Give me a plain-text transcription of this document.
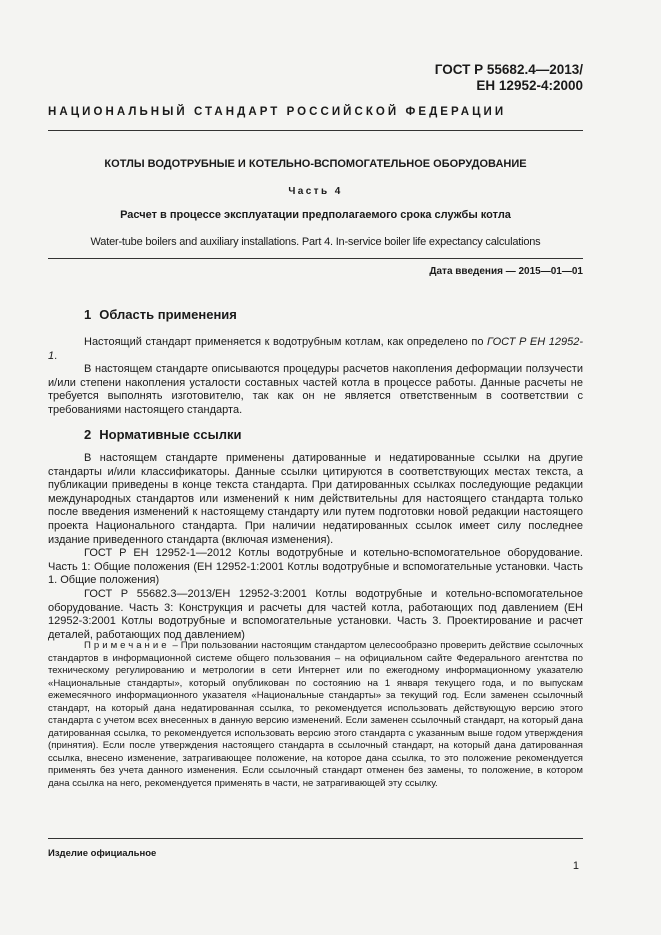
ГОСТ Р 55682.4—2013/
ЕН 12952-4:2000
НАЦИОНАЛЬНЫЙ СТАНДАРТ РОССИЙСКОЙ ФЕДЕРАЦИИ
КОТЛЫ ВОДОТРУБНЫЕ И КОТЕЛЬНО-ВСПОМОГАТЕЛЬНОЕ ОБОРУДОВАНИЕ
Часть 4
Расчет в процессе эксплуатации предполагаемого срока службы котла
Water-tube boilers and auxiliary installations. Part 4. In-service boiler life expectancy calculations
Дата введения — 2015—01—01
1 Область применения

Настоящий стандарт применяется к водотрубным котлам, как определено по ГОСТ Р ЕН 12952-1.

В настоящем стандарте описываются процедуры расчетов накопления деформации ползучести и/или степени накопления усталости составных частей котла в процессе работы. Данные расчеты не требуется выполнять изготовителю, так как он не является ответственным в соответствии с требованиями настоящего стандарта.

2 Нормативные ссылки

В настоящем стандарте применены датированные и недатированные ссылки на другие стандарты и/или классификаторы. Данные ссылки цитируются в соответствующих местах текста, а публикации приведены в конце текста стандарта. При датированных ссылках последующие редакции международных стандартов или изменений к ним действительны для настоящего стандарта только после введения изменений к настоящему стандарту или путем подготовки новой редакции настоящего проекта Национального стандарта. При наличии недатированных ссылок имеет силу последнее издание приведенного стандарта (включая изменения).

ГОСТ Р ЕН 12952-1—2012 Котлы водотрубные и котельно-вспомогательное оборудование. Часть 1: Общие положения (ЕН 12952-1:2001 Котлы водотрубные и вспомогательные установки. Часть 1. Общие положения)

ГОСТ Р 55682.3—2013/ЕН 12952-3:2001 Котлы водотрубные и котельно-вспомогательное оборудование. Часть 3: Конструкция и расчеты для частей котла, работающих под давлением (ЕН 12952-3:2001 Котлы водотрубные и вспомогательные установки. Часть 3. Проектирование и расчет деталей, работающих под давлением)

Примечание – При пользовании настоящим стандартом целесообразно проверить действие ссылочных стандартов в информационной системе общего пользования – на официальном сайте Федерального агентства по техническому регулированию и метрологии в сети Интернет или по ежегодному информационному указателю «Национальные стандарты», который опубликован по состоянию на 1 января текущего года, и по выпускам ежемесячного информационного указателя «Национальные стандарты» за текущий год. Если заменен ссылочный стандарт, на который дана недатированная ссылка, то рекомендуется использовать действующую версию этого стандарта с учетом всех внесенных в данную версию изменений. Если заменен ссылочный стандарт, на который дана датированная ссылка, то рекомендуется использовать версию этого стандарта с указанным выше годом утверждения (принятия). Если после утверждения настоящего стандарта в ссылочный стандарт, на который дана датированная ссылка, внесено изменение, затрагивающее положение, на которое дана ссылка, то это положение рекомендуется применять без учета данного изменения. Если ссылочный стандарт отменен без замены, то положение, в котором дана ссылка на него, рекомендуется применять в части, не затрагивающей эту ссылку.

Изделие официальное
1
